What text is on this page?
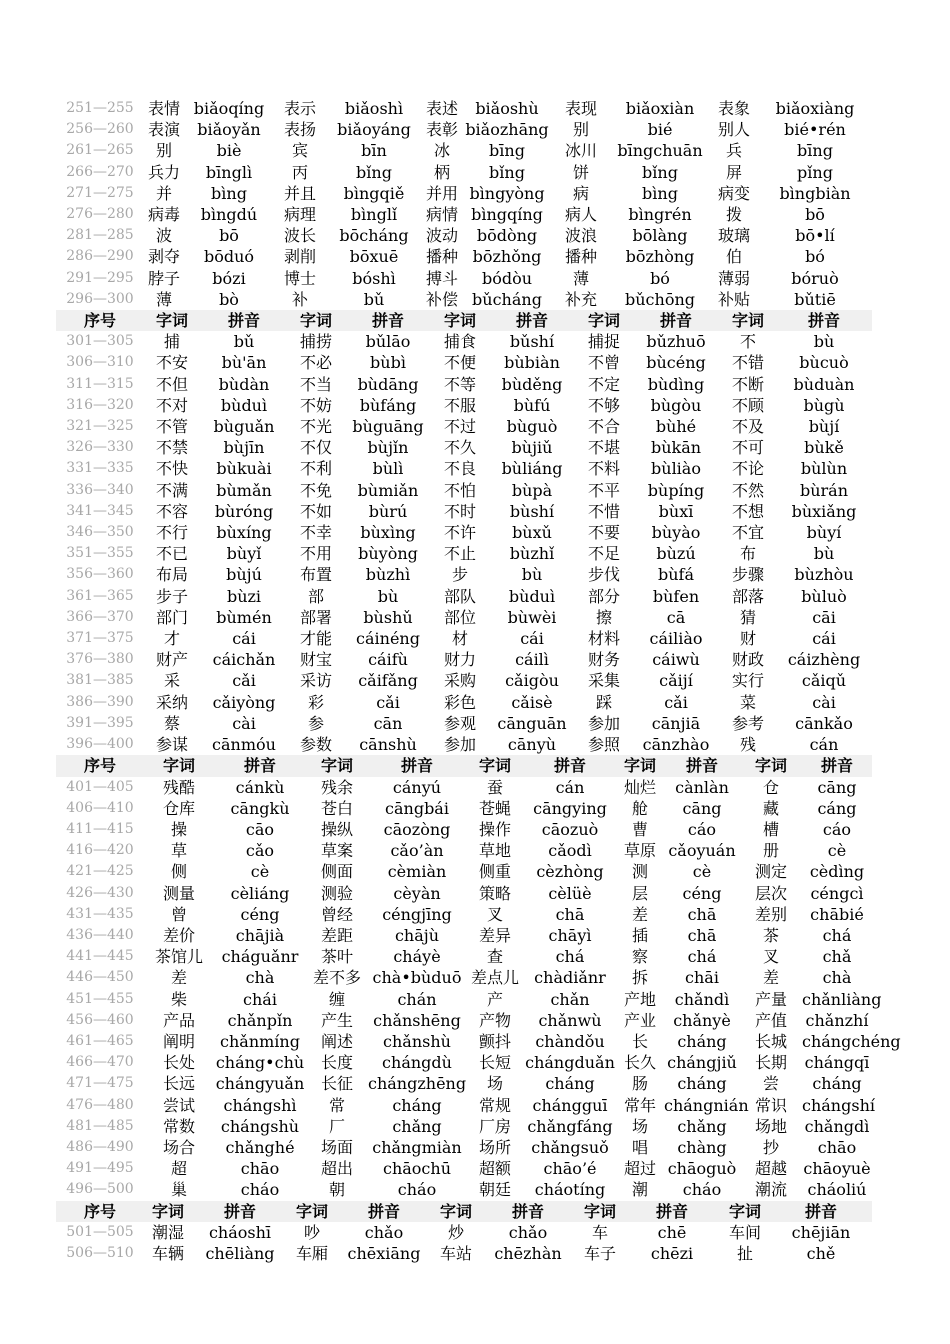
251—255	表情	biǎoqíng	表示	biǎoshì	表述	biǎoshù	表现	biǎoxiàn	表象	biǎoxiàng
256—260	表演	biǎoyǎn	表扬	biǎoyáng	表彰	biǎozhāng	别	bié	别人	bié•rén
261—265	别	biè	宾	bīn	冰	bīng	冰川	bīngchuān	兵	bīng
266—270	兵力	bīnglì	丙	bǐng	柄	bǐng	饼	bǐng	屏	pǐng
271—275	并	bìng	并且	bìngqiě	并用	bìngyòng	病	bìng	病变	bìngbiàn
276—280	病毒	bìngdú	病理	bìnglǐ	病情	bìngqíng	病人	bìngrén	拨	bō
281—285	波	bō	波长	bōcháng	波动	bōdòng	波浪	bōlàng	玻璃	bō•lí
286—290	剥夺	bōduó	剥削	bōxuē	播种	bōzhǒng	播种	bōzhòng	伯	bó
291—295	脖子	bózi	博士	bóshì	搏斗	bódòu	薄	bó	薄弱	bóruò
296—300	薄	bò	补	bǔ	补偿	bǔcháng	补充	bǔchōng	补贴	bǔtiē
序号	字词	拼音	字词	拼音	字词	拼音	字词	拼音	字词	拼音
301—305	捕	bǔ	捕捞	bǔlāo	捕食	bǔshí	捕捉	bǔzhuō	不	bù
306—310	不安	bù'ān	不必	bùbì	不便	bùbiàn	不曾	bùcéng	不错	bùcuò
311—315	不但	bùdàn	不当	bùdāng	不等	bùděng	不定	bùdìng	不断	bùduàn
316—320	不对	bùduì	不妨	bùfáng	不服	bùfú	不够	bùgòu	不顾	bùgù
321—325	不管	bùguǎn	不光	bùguāng	不过	bùguò	不合	bùhé	不及	bùjí
326—330	不禁	bùjīn	不仅	bùjǐn	不久	bùjiǔ	不堪	bùkān	不可	bùkě
331—335	不快	bùkuài	不利	bùlì	不良	bùliáng	不料	bùliào	不论	bùlùn
336—340	不满	bùmǎn	不免	bùmiǎn	不怕	bùpà	不平	bùpíng	不然	bùrán
341—345	不容	bùróng	不如	bùrú	不时	bùshí	不惜	bùxī	不想	bùxiǎng
346—350	不行	bùxíng	不幸	bùxìng	不许	bùxǔ	不要	bùyào	不宜	bùyí
351—355	不已	bùyǐ	不用	bùyòng	不止	bùzhǐ	不足	bùzú	布	bù
356—360	布局	bùjú	布置	bùzhì	步	bù	步伐	bùfá	步骤	bùzhòu
361—365	步子	bùzi	部	bù	部队	bùduì	部分	bùfen	部落	bùluò
366—370	部门	bùmén	部署	bùshǔ	部位	bùwèi	擦	cā	猜	cāi
371—375	才	cái	才能	cáinéng	材	cái	材料	cáiliào	财	cái
376—380	财产	cáichǎn	财宝	cáifù	财力	cáilì	财务	cáiwù	财政	cáizhèng
381—385	采	cǎi	采访	cǎifǎng	采购	cǎigòu	采集	cǎijí	实行	cǎiqǔ
386—390	采纳	cǎiyòng	彩	cǎi	彩色	cǎisè	踩	cǎi	菜	cài
391—395	蔡	cài	参	cān	参观	cānguān	参加	cānjiā	参考	cānkǎo
396—400	参谋	cānmóu	参数	cānshù	参加	cānyù	参照	cānzhào	残	cán
序号	字词	拼音	字词	拼音	字词	拼音	字词	拼音	字词	拼音
401—405	残酷	cánkù	残余	cányú	蚕	cán	灿烂	cànlàn	仓	cāng
406—410	仓库	cāngkù	苍白	cāngbái	苍蝇	cāngying	舱	cāng	藏	cáng
411—415	操	cāo	操纵	cāozòng	操作	cāozuò	曹	cáo	槽	cáo
416—420	草	cǎo	草案	cǎo’àn	草地	cǎodì	草原	cǎoyuán	册	cè
421—425	侧	cè	侧面	cèmiàn	侧重	cèzhòng	测	cè	测定	cèdìng
426—430	测量	cèliáng	测验	cèyàn	策略	cèlüè	层	céng	层次	céngcì
431—435	曾	céng	曾经	céngjīng	叉	chā	差	chā	差别	chābié
436—440	差价	chājià	差距	chājù	差异	chāyì	插	chā	茶	chá
441—445	茶馆儿	cháguǎnr	茶叶	cháyè	查	chá	察	chá	叉	chǎ
446—450	差	chà	差不多	chà•bùduō	差点儿	chàdiǎnr	拆	chāi	差	chà
451—455	柴	chái	缠	chán	产	chǎn	产地	chǎndì	产量	chǎnliàng
456—460	产品	chǎnpǐn	产生	chǎnshēng	产物	chǎnwù	产业	chǎnyè	产值	chǎnzhí
461—465	阐明	chǎnmíng	阐述	chǎnshù	颤抖	chàndǒu	长	cháng	长城	chángchéng
466—470	长处	cháng•chù	长度	chángdù	长短	chángduǎn	长久	chángjiǔ	长期	chángqī
471—475	长远	chángyuǎn	长征	chángzhēng	场	cháng	肠	cháng	尝	cháng
476—480	尝试	chángshì	常	cháng	常规	chángguī	常年	chángnián	常识	chángshí
481—485	常数	chángshù	厂	chǎng	厂房	chǎngfáng	场	chǎng	场地	chǎngdì
486—490	场合	chǎnghé	场面	chǎngmiàn	场所	chǎngsuǒ	唱	chàng	抄	chāo
491—495	超	chāo	超出	chāochū	超额	chāo’é	超过	chāoguò	超越	chāoyuè
496—500	巢	cháo	朝	cháo	朝廷	cháotíng	潮	cháo	潮流	cháoliú
序号	字词	拼音	字词	拼音	字词	拼音	字词	拼音	字词	拼音
501—505	潮湿	cháoshī	吵	chǎo	炒	chǎo	车	chē	车间	chējiān
506—510	车辆	chēliàng	车厢	chēxiāng	车站	chēzhàn	车子	chēzi	扯	chě
